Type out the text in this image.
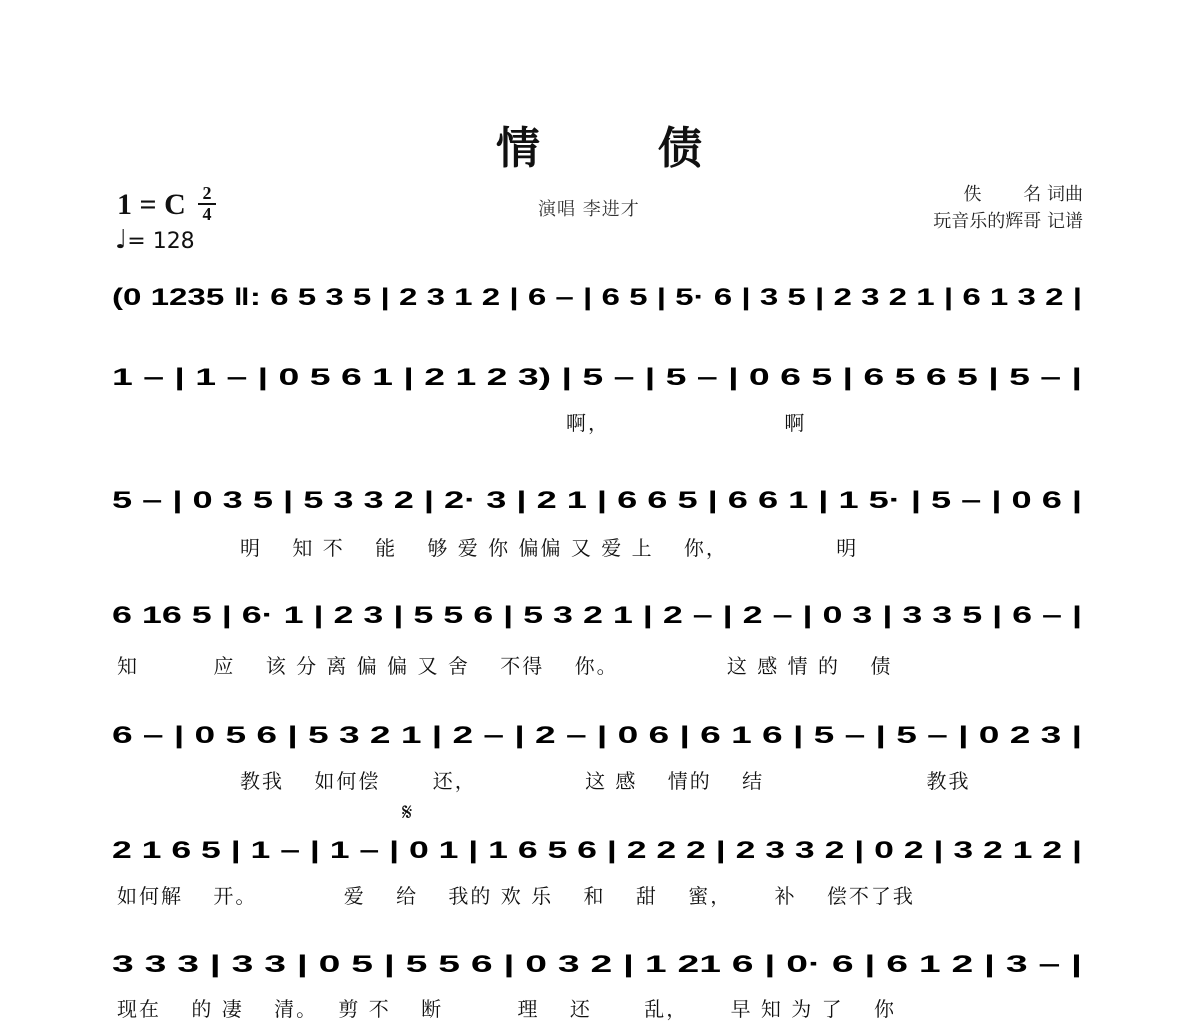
情	债
1 = C 2
4
♩= 128
演唱 李进才
佚　　 名 词曲
玩音乐的辉哥 记谱
(0 1235 ‖: 6 5 3 5 | 2 3 1 2 | 6 – | 6 5 | 5· 6 | 3 5 | 2 3 2 1 | 6 1 3 2 |
1 – | 1 – | 0 5 6 1 | 2 1 2 3) | 5 – | 5 – | 0 6 5 | 6 5 6 5 | 5 – |
啊，　　　　　　　　 啊
5 – | 0 3 5 | 5 3 3 2 | 2· 3 | 2 1 | 6 6 5 | 6 6 1 | 1 5· | 5 – | 0 6 |
明　 知 不　 能　 够 爱 你 偏偏 又 爱 上　 你，　　　　　 明
6 16 5 | 6· 1 | 2 3 | 5 5 6 | 5 3 2 1 | 2 – | 2 – | 0 3 | 3 3 5 | 6 – |
知　　　 应　 该 分 离 偏 偏 又 舍　 不得　 你。　　　　　 这 感 情 的　 债
6 – | 0 5 6 | 5 3 2 1 | 2 – | 2 – | 0 6 | 6 1 6 | 5 – | 5 – | 0 2 3 |
教我　 如何偿　　 还，　　　　　 这 感　 情的　 结　　　　　　　 教我
𝄋
2 1 6 5 | 1 – | 1 – | 0 1 | 1 6 5 6 | 2 2 2 | 2 3 3 2 | 0 2 | 3 2 1 2 |
如何解　 开。　　　　 爱　 给　 我的 欢 乐　 和　 甜　 蜜，　　 补　 偿不了我
3 3 3 | 3 3 | 0 5 | 5 5 6 | 0 3 2 | 1 21 6 | 0· 6 | 6 1 2 | 3 – |
现在　 的 凄　 清。　 剪 不　 断　　　 理　 还　　 乱，　　 早 知 为 了　 你
